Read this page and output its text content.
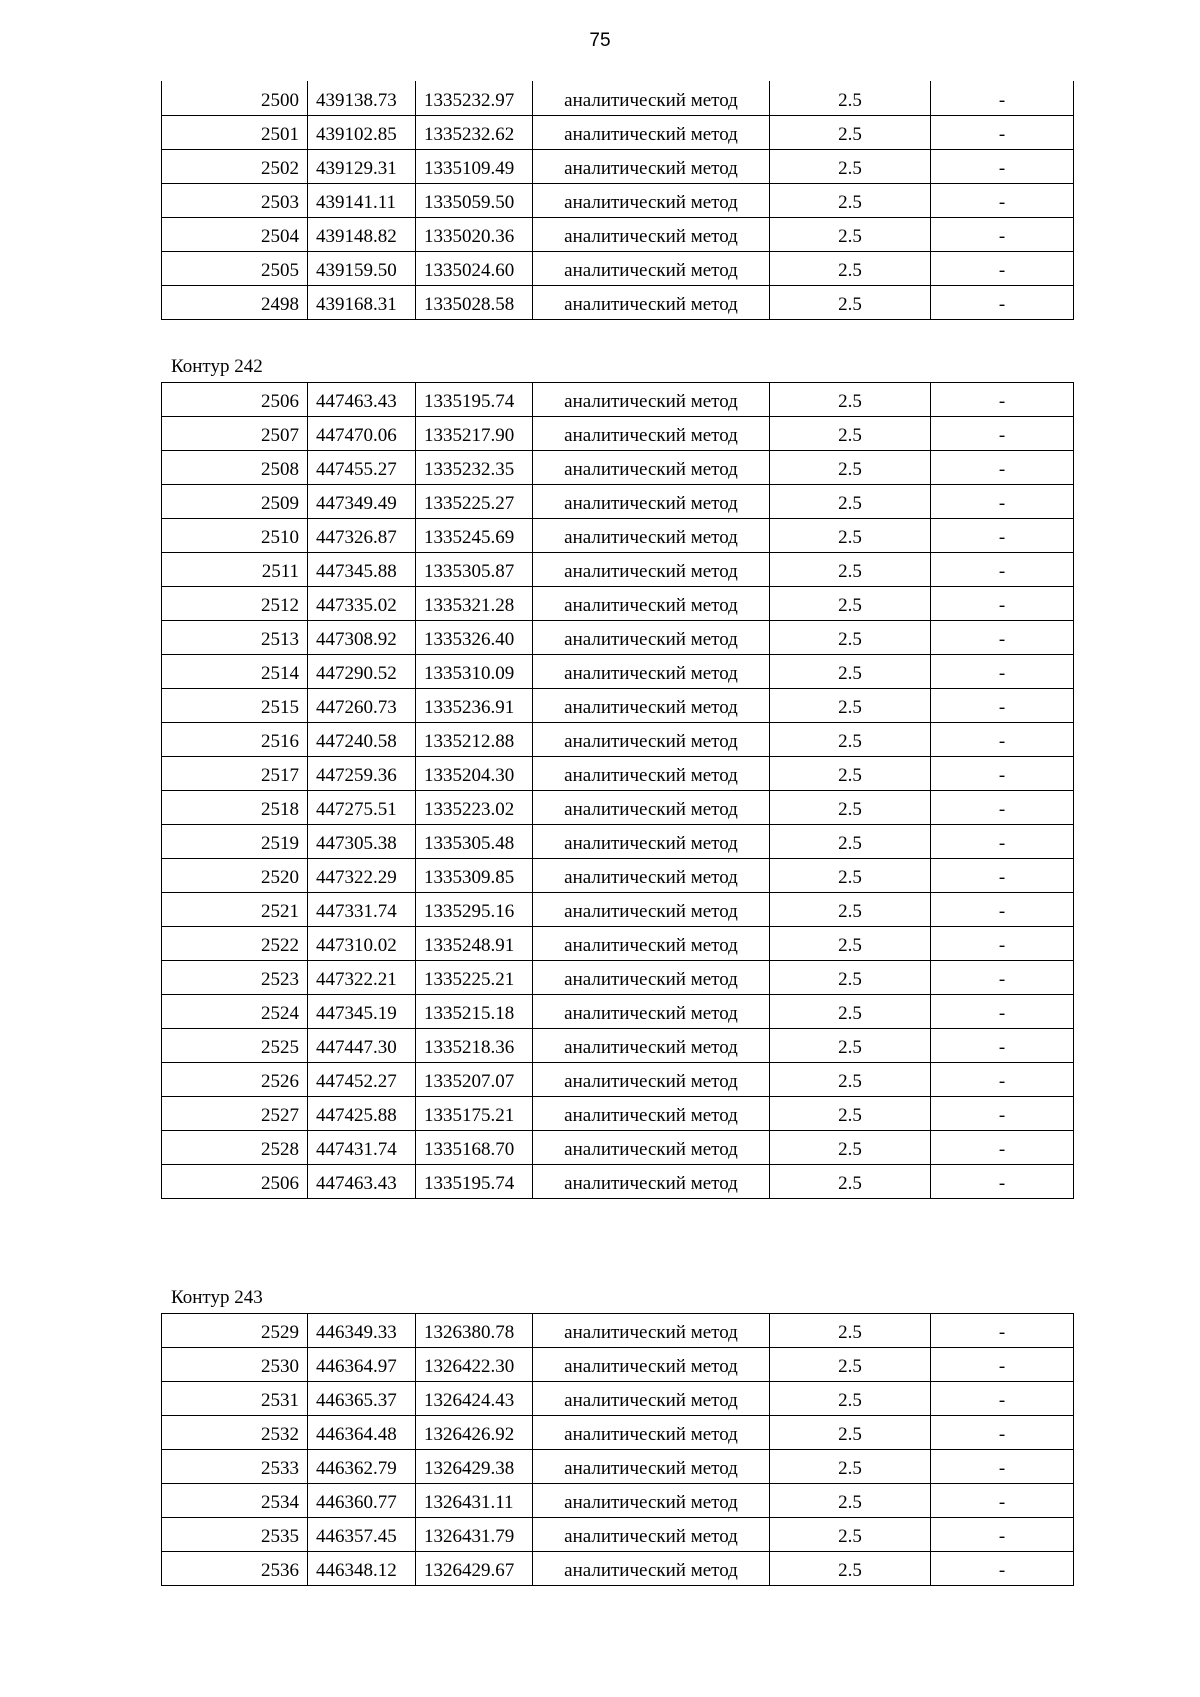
75
2500	439138.73	1335232.97	аналитический метод	2.5	-
2501	439102.85	1335232.62	аналитический метод	2.5	-
2502	439129.31	1335109.49	аналитический метод	2.5	-
2503	439141.11	1335059.50	аналитический метод	2.5	-
2504	439148.82	1335020.36	аналитический метод	2.5	-
2505	439159.50	1335024.60	аналитический метод	2.5	-
2498	439168.31	1335028.58	аналитический метод	2.5	-
Контур 242
2506	447463.43	1335195.74	аналитический метод	2.5	-
2507	447470.06	1335217.90	аналитический метод	2.5	-
2508	447455.27	1335232.35	аналитический метод	2.5	-
2509	447349.49	1335225.27	аналитический метод	2.5	-
2510	447326.87	1335245.69	аналитический метод	2.5	-
2511	447345.88	1335305.87	аналитический метод	2.5	-
2512	447335.02	1335321.28	аналитический метод	2.5	-
2513	447308.92	1335326.40	аналитический метод	2.5	-
2514	447290.52	1335310.09	аналитический метод	2.5	-
2515	447260.73	1335236.91	аналитический метод	2.5	-
2516	447240.58	1335212.88	аналитический метод	2.5	-
2517	447259.36	1335204.30	аналитический метод	2.5	-
2518	447275.51	1335223.02	аналитический метод	2.5	-
2519	447305.38	1335305.48	аналитический метод	2.5	-
2520	447322.29	1335309.85	аналитический метод	2.5	-
2521	447331.74	1335295.16	аналитический метод	2.5	-
2522	447310.02	1335248.91	аналитический метод	2.5	-
2523	447322.21	1335225.21	аналитический метод	2.5	-
2524	447345.19	1335215.18	аналитический метод	2.5	-
2525	447447.30	1335218.36	аналитический метод	2.5	-
2526	447452.27	1335207.07	аналитический метод	2.5	-
2527	447425.88	1335175.21	аналитический метод	2.5	-
2528	447431.74	1335168.70	аналитический метод	2.5	-
2506	447463.43	1335195.74	аналитический метод	2.5	-
Контур 243
2529	446349.33	1326380.78	аналитический метод	2.5	-
2530	446364.97	1326422.30	аналитический метод	2.5	-
2531	446365.37	1326424.43	аналитический метод	2.5	-
2532	446364.48	1326426.92	аналитический метод	2.5	-
2533	446362.79	1326429.38	аналитический метод	2.5	-
2534	446360.77	1326431.11	аналитический метод	2.5	-
2535	446357.45	1326431.79	аналитический метод	2.5	-
2536	446348.12	1326429.67	аналитический метод	2.5	-
